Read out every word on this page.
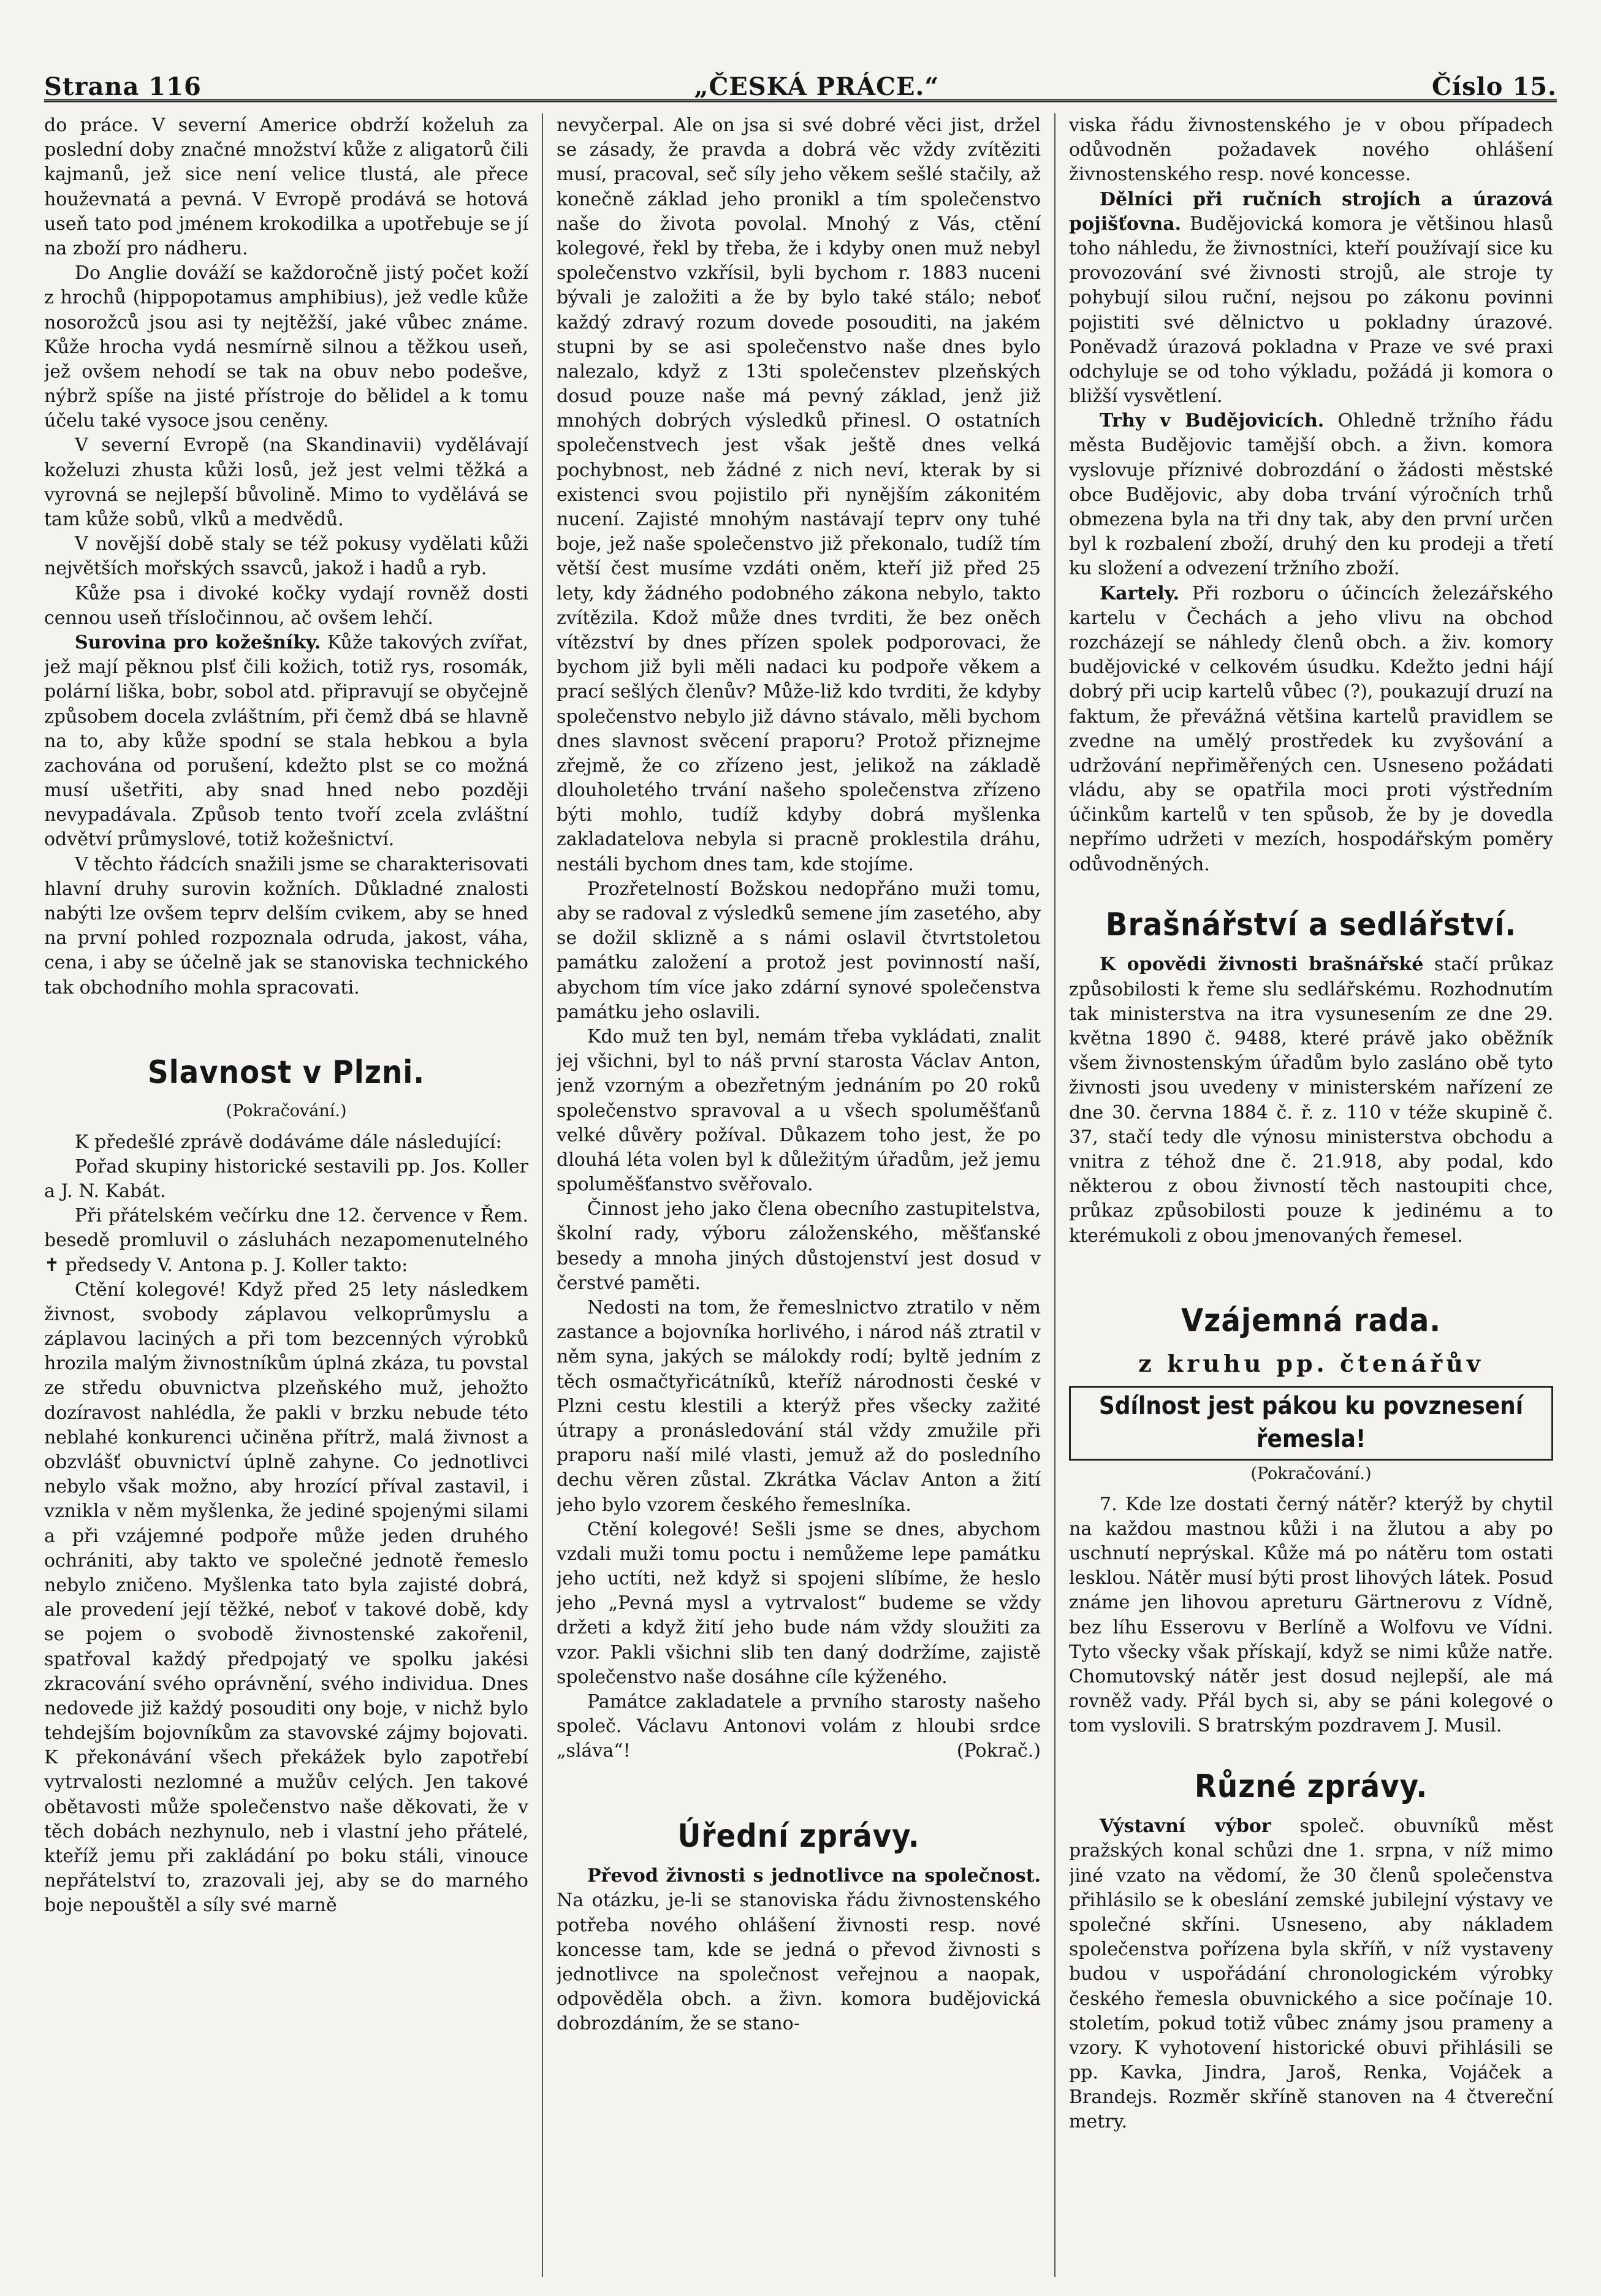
Strana 116	„ČESKÁ PRÁCE.“	Číslo 15.

do práce. V severní Americe obdrží koželuh za poslední doby značné množství kůže z aligatorů čili kajmanů, jež sice není velice tlustá, ale přece houževnatá a pevná. V Evropě prodává se hotová useň tato pod jménem krokodilka a upotřebuje se jí na zboží pro nádheru.

Do Anglie dováží se každoročně jistý počet koží z hrochů (hippopotamus amphibius), jež vedle kůže nosorožců jsou asi ty nejtěžší, jaké vůbec známe. Kůže hrocha vydá nesmírně silnou a těžkou useň, jež ovšem nehodí se tak na obuv nebo podešve, nýbrž spíše na jisté přístroje do bělidel a k tomu účelu také vysoce jsou ceněny.

V severní Evropě (na Skandinavii) vydělávají koželuzi zhusta kůži losů, jež jest velmi těžká a vyrovná se nejlepší bůvolině. Mimo to vydělává se tam kůže sobů, vlků a medvědů.

V novější době staly se též pokusy vydělati kůži největších mořských ssavců, jakož i hadů a ryb.

Kůže psa i divoké kočky vydají rovněž dosti cennou useň třísločinnou, ač ovšem lehčí.

Surovina pro kožešníky. Kůže takových zvířat, jež mají pěknou plsť čili kožich, totiž rys, rosomák, polární liška, bobr, sobol atd. připravují se obyčejně způsobem docela zvláštním, při čemž dbá se hlavně na to, aby kůže spodní se stala hebkou a byla zachována od porušení, kdežto plst se co možná musí ušetřiti, aby snad hned nebo později nevypadávala. Způsob tento tvoří zcela zvláštní odvětví průmyslové, totiž kožešnictví.

V těchto řádcích snažili jsme se charakterisovati hlavní druhy surovin kožních. Důkladné znalosti nabýti lze ovšem teprv delším cvikem, aby se hned na první pohled rozpoznala odruda, jakost, váha, cena, i aby se účelně jak se stanoviska technického tak obchodního mohla spracovati.

Slavnost v Plzni.
(Pokračování.)

K předešlé zprávě dodáváme dále následující:

Pořad skupiny historické sestavili pp. Jos. Koller a J. N. Kabát.

Při přátelském večírku dne 12. července v Řem. besedě promluvil o zásluhách nezapomenutelného ✝ předsedy V. Antona p. J. Koller takto:

Ctění kolegové! Když před 25 lety následkem živnost, svobody záplavou velkoprůmyslu a záplavou laciných a při tom bezcenných výrobků hrozila malým živnostníkům úplná zkáza, tu povstal ze středu obuvnictva plzeňského muž, jehožto dozíravost nahlédla, že pakli v brzku nebude této neblahé konkurenci učiněna přítrž, malá živnost a obzvlášť obuvnictví úplně zahyne. Co jednotlivci nebylo však možno, aby hrozící příval zastavil, i vznikla v něm myšlenka, že jediné spojenými silami a při vzájemné podpoře může jeden druhého ochrániti, aby takto ve společné jednotě řemeslo nebylo zničeno. Myšlenka tato byla zajisté dobrá, ale provedení její těžké, neboť v takové době, kdy se pojem o svobodě živnostenské zakořenil, spatřoval každý předpojatý ve spolku jakési zkracování svého oprávnění, svého individua. Dnes nedovede již každý posouditi ony boje, v nichž bylo tehdejším bojovníkům za stavovské zájmy bojovati. K překonávání všech překážek bylo zapotřebí vytrvalosti nezlomné a mužův celých. Jen takové obětavosti může společenstvo naše děkovati, že v těch dobách nezhynulo, neb i vlastní jeho přátelé, kteříž jemu při zakládání po boku stáli, vinouce nepřátelství to, zrazovali jej, aby se do marného boje nepouštěl a síly své marně

nevyčerpal. Ale on jsa si své dobré věci jist, držel se zásady, že pravda a dobrá věc vždy zvítěziti musí, pracoval, seč síly jeho věkem sešlé stačily, až konečně základ jeho pronikl a tím společenstvo naše do života povolal. Mnohý z Vás, ctění kolegové, řekl by třeba, že i kdyby onen muž nebyl společenstvo vzkřísil, byli bychom r. 1883 nuceni bývali je založiti a že by bylo také stálo; neboť každý zdravý rozum dovede posouditi, na jakém stupni by se asi společenstvo naše dnes bylo nalezalo, když z 13ti společenstev plzeňských dosud pouze naše má pevný základ, jenž již mnohých dobrých výsledků přinesl. O ostatních společenstvech jest však ještě dnes velká pochybnost, neb žádné z nich neví, kterak by si existenci svou pojistilo při nynějším zákonitém nucení. Zajisté mnohým nastávají teprv ony tuhé boje, jež naše společenstvo již překonalo, tudíž tím větší čest musíme vzdáti oněm, kteří již před 25 lety, kdy žádného podobného zákona nebylo, takto zvítězila. Kdož může dnes tvrditi, že bez oněch vítězství by dnes přízen spolek podporovaci, že bychom již byli měli nadaci ku podpoře věkem a prací sešlých členův? Může-liž kdo tvrditi, že kdyby společenstvo nebylo již dávno stávalo, měli bychom dnes slavnost svěcení praporu? Protož přiznejme zřejmě, že co zřízeno jest, jelikož na základě dlouholetého trvání našeho společenstva zřízeno býti mohlo, tudíž kdyby dobrá myšlenka zakladatelova nebyla si pracně proklestila dráhu, nestáli bychom dnes tam, kde stojíme.

Prozřetelností Božskou nedopřáno muži tomu, aby se radoval z výsledků semene jím zasetého, aby se dožil sklizně a s námi oslavil čtvrtstoletou památku založení a protož jest povinností naší, abychom tím více jako zdární synové společenstva památku jeho oslavili.

Kdo muž ten byl, nemám třeba vykládati, znalit jej všichni, byl to náš první starosta Václav Anton, jenž vzorným a obezřetným jednáním po 20 roků společenstvo spravoval a u všech spoluměšťanů velké důvěry požíval. Důkazem toho jest, že po dlouhá léta volen byl k důležitým úřadům, jež jemu spoluměšťanstvo svěřovalo.

Činnost jeho jako člena obecního zastupitelstva, školní rady, výboru záloženského, měšťanské besedy a mnoha jiných důstojenství jest dosud v čerstvé paměti.

Nedosti na tom, že řemeslnictvo ztratilo v něm zastance a bojovníka horlivého, i národ náš ztratil v něm syna, jakých se málokdy rodí; byltě jedním z těch osmačtyřicátníků, kteříž národnosti české v Plzni cestu klestili a kterýž přes všecky zažité útrapy a pronásledování stál vždy zmužile při praporu naší milé vlasti, jemuž až do posledního dechu věren zůstal. Zkrátka Václav Anton a žití jeho bylo vzorem českého řemeslníka.

Ctění kolegové! Sešli jsme se dnes, abychom vzdali muži tomu poctu i nemůžeme lepe památku jeho uctíti, než když si spojeni slíbíme, že heslo jeho „Pevná mysl a vytrvalost“ budeme se vždy držeti a když žití jeho bude nám vždy sloužiti za vzor. Pakli všichni slib ten daný dodržíme, zajistě společenstvo naše dosáhne cíle kýženého.

Památce zakladatele a prvního starosty našeho společ. Václavu Antonovi volám z hloubi srdce „sláva“!	(Pokrač.)

Úřední zprávy.

Převod živnosti s jednotlivce na společnost. Na otázku, je-li se stanoviska řádu živnostenského potřeba nového ohlášení živnosti resp. nové koncesse tam, kde se jedná o převod živnosti s jednotlivce na společnost veřejnou a naopak, odpověděla obch. a živn. komora budějovická dobrozdáním, že se stano-

viska řádu živnostenského je v obou případech odůvodněn požadavek nového ohlášení živnostenského resp. nové koncesse.

Dělníci při ručních strojích a úrazová pojišťovna. Budějovická komora je většinou hlasů toho náhledu, že živnostníci, kteří používají sice ku provozování své živnosti strojů, ale stroje ty pohybují silou ruční, nejsou po zákonu povinni pojistiti své dělnictvo u pokladny úrazové. Poněvadž úrazová pokladna v Praze ve své praxi odchyluje se od toho výkladu, požádá ji komora o bližší vysvětlení.

Trhy v Budějovicích. Ohledně tržního řádu města Budějovic tamější obch. a živn. komora vyslovuje příznivé dobrozdání o žádosti městské obce Budějovic, aby doba trvání výročních trhů obmezena byla na tři dny tak, aby den první určen byl k rozbalení zboží, druhý den ku prodeji a třetí ku složení a odvezení tržního zboží.

Kartely. Při rozboru o účincích železářského kartelu v Čechách a jeho vlivu na obchod rozcházejí se náhledy členů obch. a živ. komory budějovické v celkovém úsudku. Kdežto jedni hájí dobrý při ucip kartelů vůbec (?), poukazují druzí na faktum, že převážná většina kartelů pravidlem se zvedne na umělý prostředek ku zvyšování a udržování nepřiměřených cen. Usneseno požádati vládu, aby se opatřila moci proti výstředním účinkům kartelů v ten spůsob, že by je dovedla nepřímo udržeti v mezích, hospodářským poměry odůvodněných.

Brašnářství a sedlářství.

K opovědi živnosti brašnářské stačí průkaz způsobilosti k řeme slu sedlářskému. Rozhodnutím tak ministerstva na itra vysunesením ze dne 29. května 1890 č. 9488, které právě jako oběžník všem živnostenským úřadům bylo zasláno obě tyto živnosti jsou uvedeny v ministerském nařízení ze dne 30. června 1884 č. ř. z. 110 v téže skupině č. 37, stačí tedy dle výnosu ministerstva obchodu a vnitra z téhož dne č. 21.918, aby podal, kdo některou z obou živností těch nastoupiti chce, průkaz způsobilosti pouze k jedinému a to kterémukoli z obou jmenovaných řemesel.

Vzájemná rada.
z kruhu pp. čtenářův
Sdílnost jest pákou ku povznesení řemesla!
(Pokračování.)

7. Kde lze dostati černý nátěr? kterýž by chytil na každou mastnou kůži i na žlutou a aby po uschnutí neprýskal. Kůže má po nátěru tom ostati lesklou. Nátěr musí býti prost lihových látek. Posud známe jen lihovou apreturu Gärtnerovu z Vídně, bez líhu Esserovu v Berlíně a Wolfovu ve Vídni. Tyto všecky však přískají, když se nimi kůže natře. Chomutovský nátěr jest dosud nejlepší, ale má rovněž vady. Přál bych si, aby se páni kolegové o tom vyslovili. S bratrským pozdravem J. Musil.

Různé zprávy.

Výstavní výbor společ. obuvníků měst pražských konal schůzi dne 1. srpna, v níž mimo jiné vzato na vědomí, že 30 členů společenstva přihlásilo se k obeslání zemské jubilejní výstavy ve společné skříni. Usneseno, aby nákladem společenstva pořízena byla skříň, v níž vystaveny budou v uspořádání chronologickém výrobky českého řemesla obuvnického a sice počínaje 10. stoletím, pokud totiž vůbec známy jsou prameny a vzory. K vyhotovení historické obuvi přihlásili se pp. Kavka, Jindra, Jaroš, Renka, Vojáček a Brandejs. Rozměr skříně stanoven na 4 čtvereční metry.
